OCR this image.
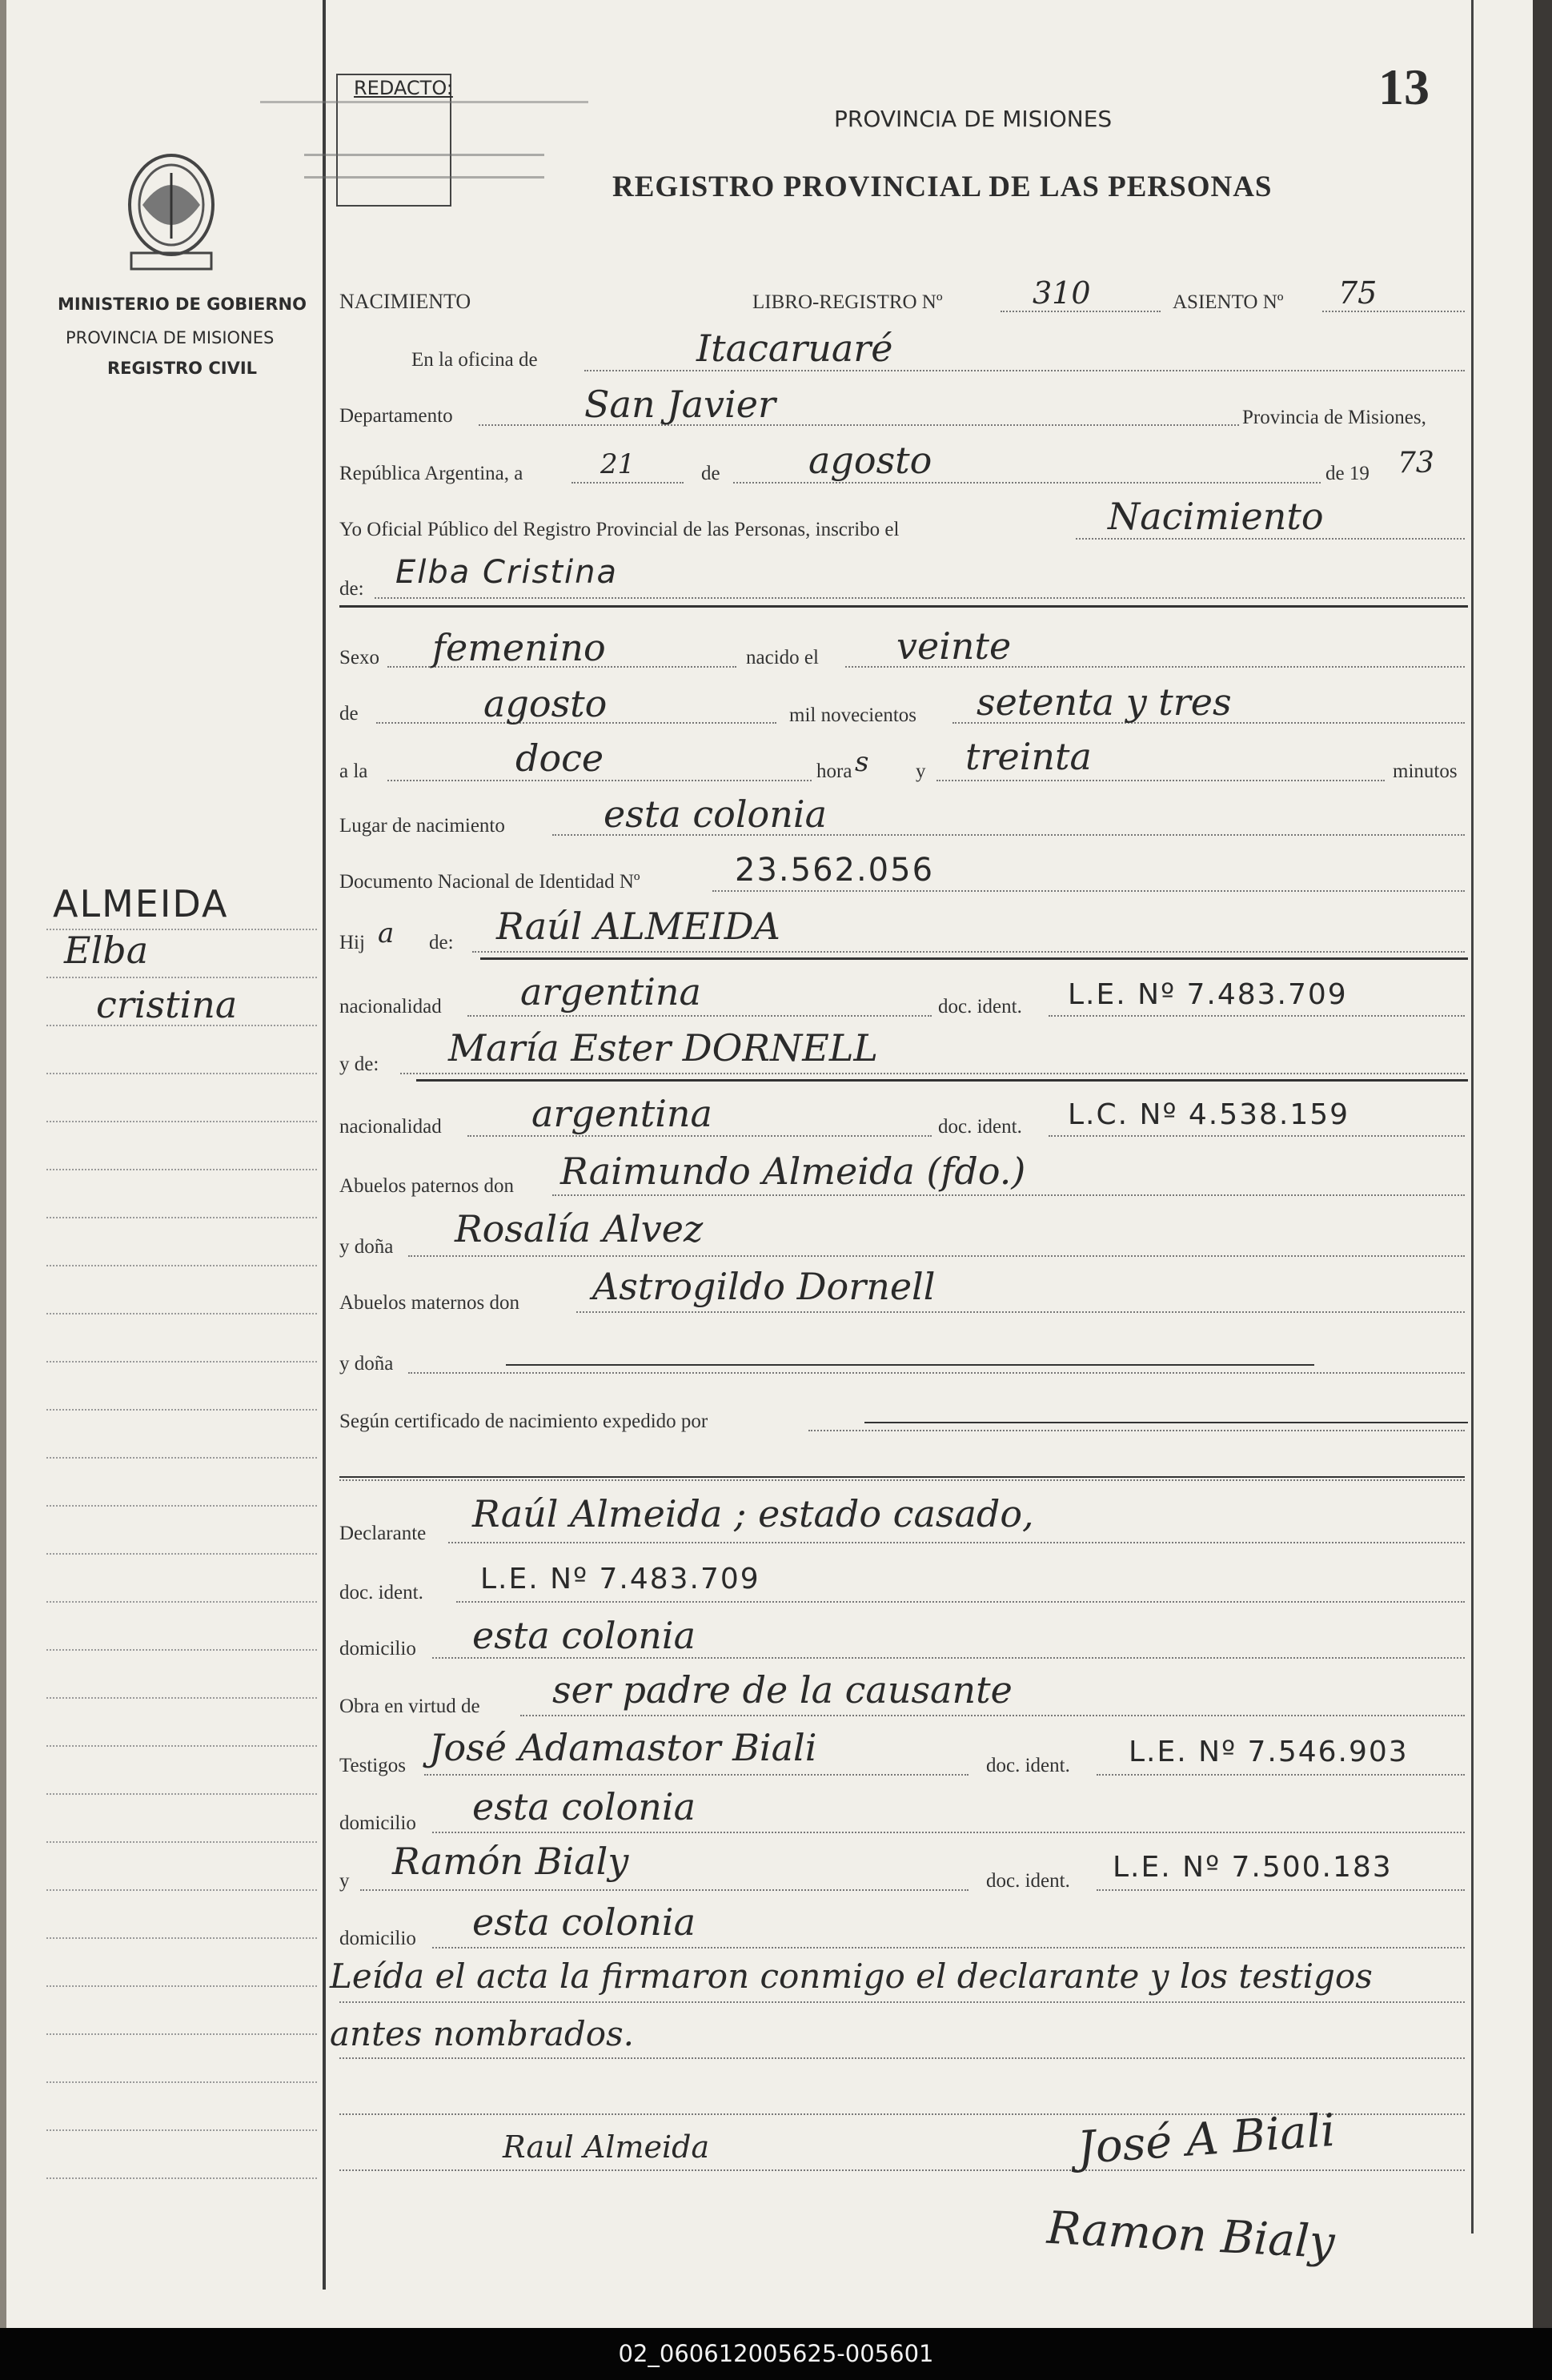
REDACTO:	13
PROVINCIA DE MISIONES
REGISTRO PROVINCIAL DE LAS PERSONAS
MINISTERIO DE GOBIERNO
PROVINCIA DE MISIONES
REGISTRO CIVIL
ALMEIDA
Elba
cristina
NACIMIENTO	LIBRO-REGISTRO Nº	310	ASIENTO Nº 75
En la oficina de	Itacaruaré
Departamento	San Javier	Provincia de Misiones,
República Argentina, a	21	de agosto	de 19 73
Yo Oficial Público del Registro Provincial de las Personas, inscribo el	Nacimiento
de: Elba Cristina
Sexo femenino	nacido el veinte
de	agosto	mil novecientos setenta y tres
a la	doce	hora s y treinta	minutos
Lugar de nacimiento	esta colonia
Documento Nacional de Identidad Nº	23.562.056
Hij a de: Raúl ALMEIDA
nacionalidad argentina	doc. ident. L.E. Nº 7.483.709
y de: María Ester DORNELL
nacionalidad argentina	doc. ident. L.C. Nº 4.538.159
Abuelos paternos don Raimundo Almeida (fdo.)
y doña Rosalía Alvez
Abuelos maternos don Astrogildo Dornell
y doña
Según certificado de nacimiento expedido por
Declarante Raúl Almeida ; estado casado,
doc. ident. L.E. Nº 7.483.709
domicilio esta colonia
Obra en virtud de ser padre de la causante
Testigos José Adamastor Biali	doc. ident. L.E. Nº 7.546.903
domicilio esta colonia
y Ramón Bialy	doc. ident. L.E. Nº 7.500.183
domicilio esta colonia
Leída el acta la firmaron conmigo el declarante y los testigos
antes nombrados.
Raul Almeida	José A Biali
Ramon Bialy
02_060612005625-005601
